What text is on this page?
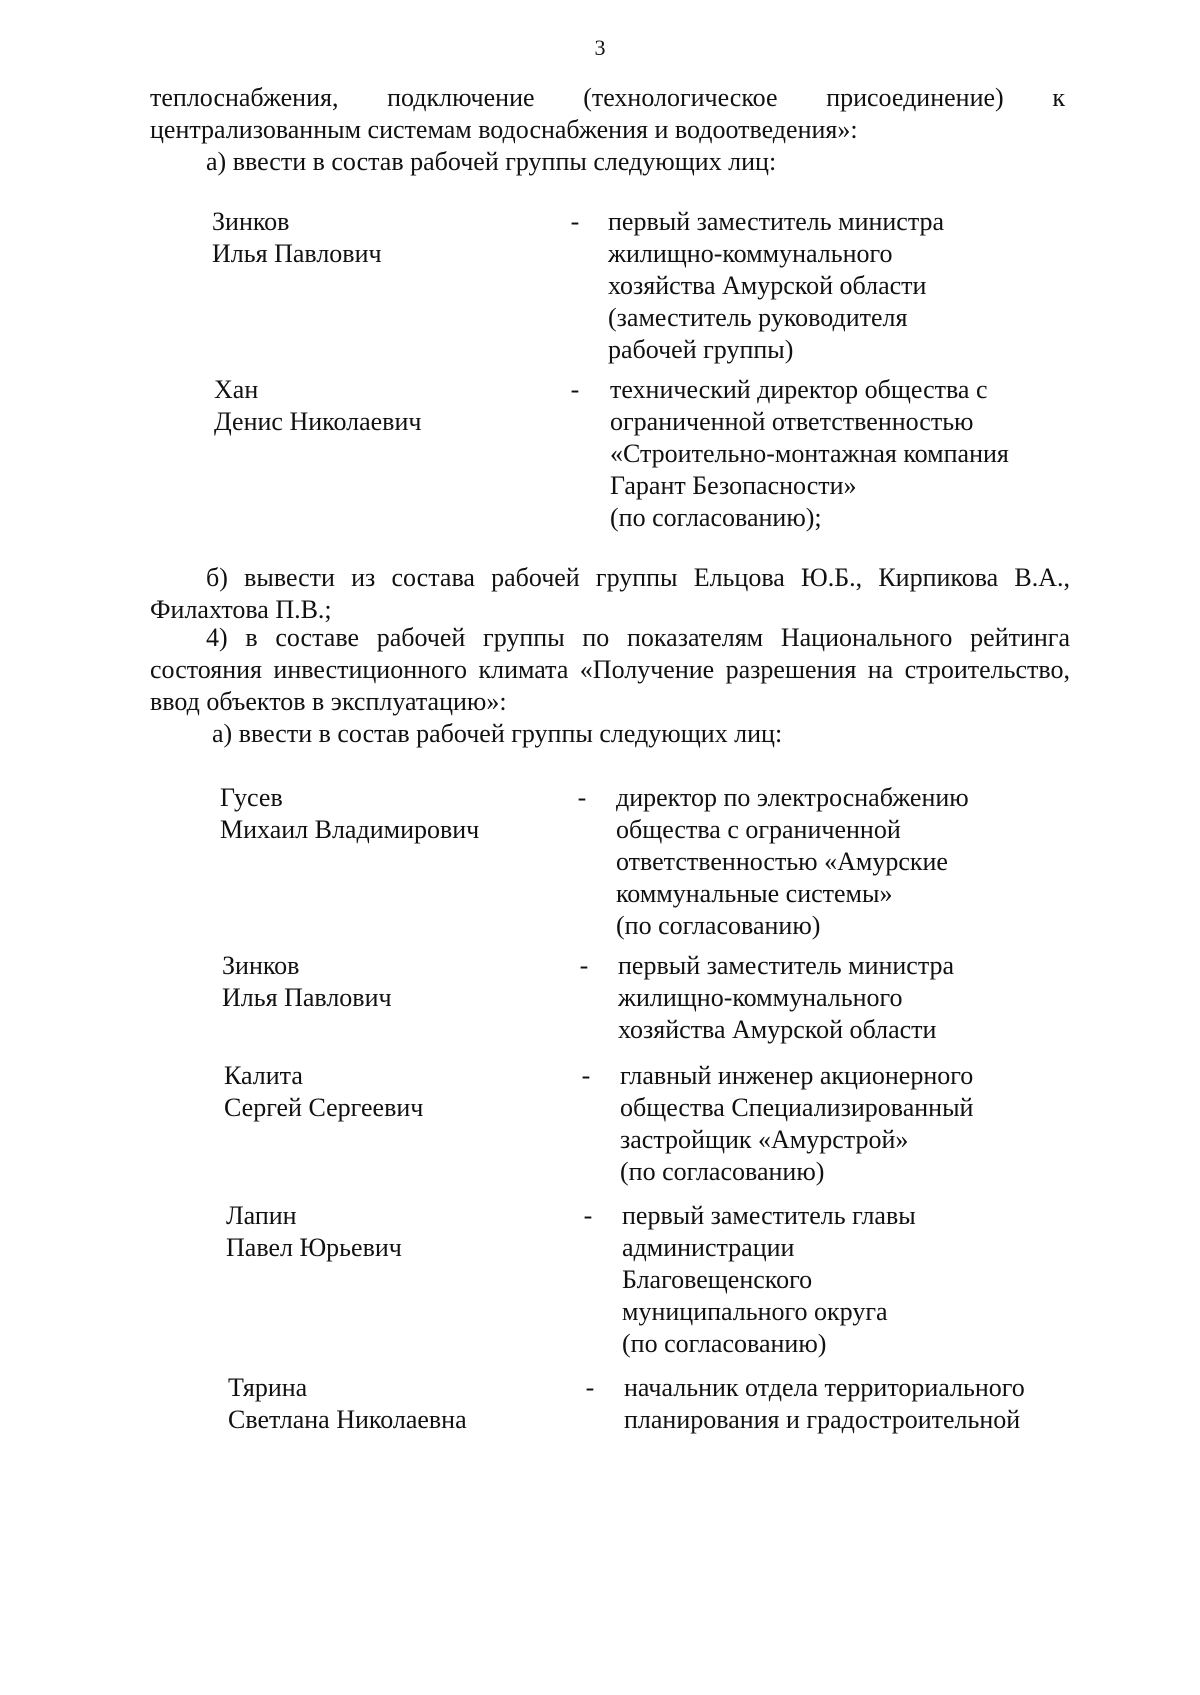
3
теплоснабжения, подключение (технологическое присоединение) к
централизованным системам водоснабжения и водоотведения»:
а) ввести в состав рабочей группы следующих лиц:
Зинков
Илья Павлович
- первый заместитель министра
жилищно-коммунального
хозяйства Амурской области
(заместитель руководителя
рабочей группы)
Хан
Денис Николаевич
- технический директор общества с
ограниченной ответственностью
«Строительно-монтажная компания
Гарант Безопасности»
(по согласованию);
б) вывести из состава рабочей группы Ельцова Ю.Б., Кирпикова В.А.,
Филахтова П.В.;
4) в составе рабочей группы по показателям Национального рейтинга
состояния инвестиционного климата «Получение разрешения на строительство,
ввод объектов в эксплуатацию»:
а) ввести в состав рабочей группы следующих лиц:
Гусев
Михаил Владимирович
- директор по электроснабжению
общества с ограниченной
ответственностью «Амурские
коммунальные системы»
(по согласованию)
Зинков
Илья Павлович
- первый заместитель министра
жилищно-коммунального
хозяйства Амурской области
Калита
Сергей Сергеевич
- главный инженер акционерного
общества Специализированный
застройщик «Амурстрой»
(по согласованию)
Лапин
Павел Юрьевич
- первый заместитель главы
администрации
Благовещенского
муниципального округа
(по согласованию)
Тярина
Светлана Николаевна
- начальник отдела территориального
планирования и градостроительной
